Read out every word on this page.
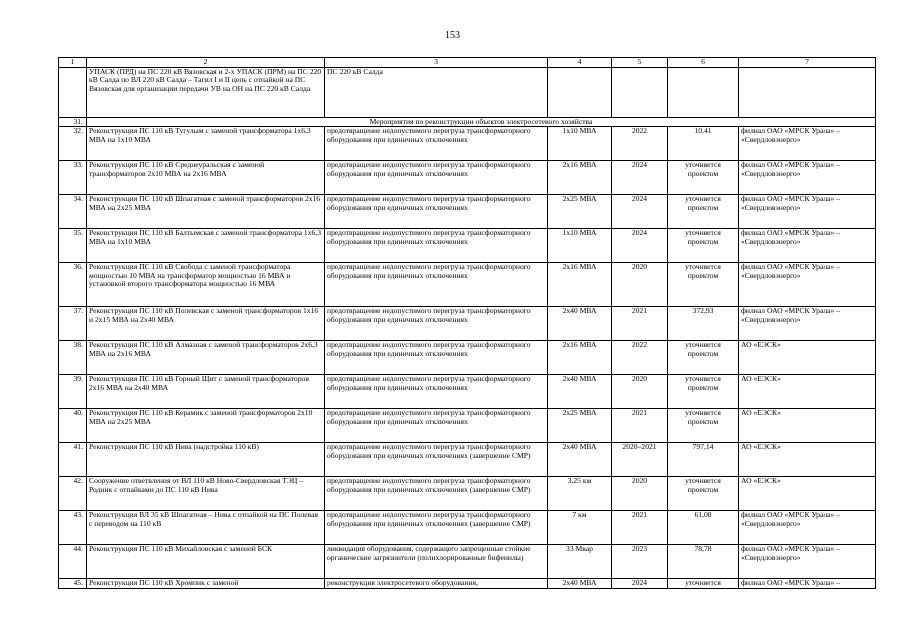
153
1	2	3	4	5	6	7
	УПАСК (ПРД) на ПС 220 кВ Вязовская и 2-х УПАСК (ПРМ) на ПС 220 кВ Салда по ВЛ 220 кВ Салда – Тагил I и II цепь с отпайкой на ПС Вязовская для организации передачи УВ на ОН на ПС 220 кВ Салда	ПС 220 кВ Салда				
31.	Мероприятия по реконструкции объектов электросетевого хозяйства					
32.	Реконструкция ПС 110 кВ Тугулым с заменой трансформатора 1х6,3 МВА на 1х10 МВА	предотвращение недопустимого перегруза трансформаторного оборудования при единичных отключениях	1х10 МВА	2022	10,41	филиал ОАО «МРСК Урала» – «Свердловэнерго»
33.	Реконструкция ПС 110 кВ Среднеуральская с заменой трансформаторов 2х10 МВА на 2х16 МВА	предотвращение недопустимого перегруза трансформаторного оборудования при единичных отключениях	2х16 МВА	2024	уточняется проектом	филиал ОАО «МРСК Урала» – «Свердловэнерго»
34.	Реконструкция ПС 110 кВ Шпагатная с заменой трансформаторов 2х16 МВА на 2х25 МВА	предотвращение недопустимого перегруза трансформаторного оборудования при единичных отключениях	2х25 МВА	2024	уточняется проектом	филиал ОАО «МРСК Урала» – «Свердловэнерго»
35.	Реконструкция ПС 110 кВ Балтымская с заменой трансформатора 1х6,3 МВА на 1х10 МВА	предотвращение недопустимого перегруза трансформаторного оборудования при единичных отключениях	1х10 МВА	2024	уточняется проектом	филиал ОАО «МРСК Урала» – «Свердловэнерго»
36.	Реконструкция ПС 110 кВ Свобода с заменой трансформатора мощностью 10 МВА на трансформатор мощностью 16 МВА и установкой второго трансформатора мощностью 16 МВА	предотвращение недопустимого перегруза трансформаторного оборудования при единичных отключениях	2х16 МВА	2020	уточняется проектом	филиал ОАО «МРСК Урала» – «Свердловэнерго»
37.	Реконструкция ПС 110 кВ Полевская с заменой трансформаторов 1х16 и 2х15 МВА на 2х40 МВА	предотвращение недопустимого перегруза трансформаторного оборудования при единичных отключениях	2х40 МВА	2021	372,93	филиал ОАО «МРСК Урала» – «Свердловэнерго»
38.	Реконструкция ПС 110 кВ Алмазная с заменой трансформаторов 2х6,3 МВА на 2х16 МВА	предотвращение недопустимого перегруза трансформаторного оборудования при единичных отключениях	2х16 МВА	2022	уточняется проектом	АО «ЕЭСК»
39.	Реконструкция ПС 110 кВ Горный Щит с заменой трансформаторов 2х16 МВА на 2х40 МВА	предотвращение недопустимого перегруза трансформаторного оборудования при единичных отключениях	2х40 МВА	2020	уточняется проектом	АО «ЕЭСК»
40.	Реконструкция ПС 110 кВ Керамик с заменой трансформаторов 2х10 МВА на 2х25 МВА	предотвращение недопустимого перегруза трансформаторного оборудования при единичных отключениях	2х25 МВА	2021	уточняется проектом	АО «ЕЭСК»
41.	Реконструкция ПС 110 кВ Нива (надстройка 110 кВ)	предотвращение недопустимого перегруза трансформаторного оборудования при единичных отключениях (завершение СМР)	2х40 МВА	2020–2021	797,14	АО «ЕЭСК»
42.	Сооружение ответвления от ВЛ 110 кВ Ново-Свердловская ТЭЦ – Родник с отпайками до ПС 110 кВ Нива	предотвращение недопустимого перегруза трансформаторного оборудования при единичных отключениях (завершение СМР)	3,25 км	2020	уточняется проектом	АО «ЕЭСК»
43.	Реконструкция ВЛ 35 кВ Шпагатная – Нива с отпайкой на ПС Полевая с переводом на 110 кВ	предотвращение недопустимого перегруза трансформаторного оборудования при единичных отключениях (завершение СМР)	7 км	2021	61,08	филиал ОАО «МРСК Урала» – «Свердловэнерго»
44.	Реконструкция ПС 110 кВ Михайловская с заменой БСК	ликвидация оборудования, содержащего запрещенные стойкие органические загрязнители (полихлорированные бифенилы)	33 Мвар	2023	78,78	филиал ОАО «МРСК Урала» – «Свердловэнерго»
45.	Реконструкция ПС 110 кВ Хромпик с заменой	реконструкция электросетевого оборудования,	2х40 МВА	2024	уточняется	филиал ОАО «МРСК Урала» –
